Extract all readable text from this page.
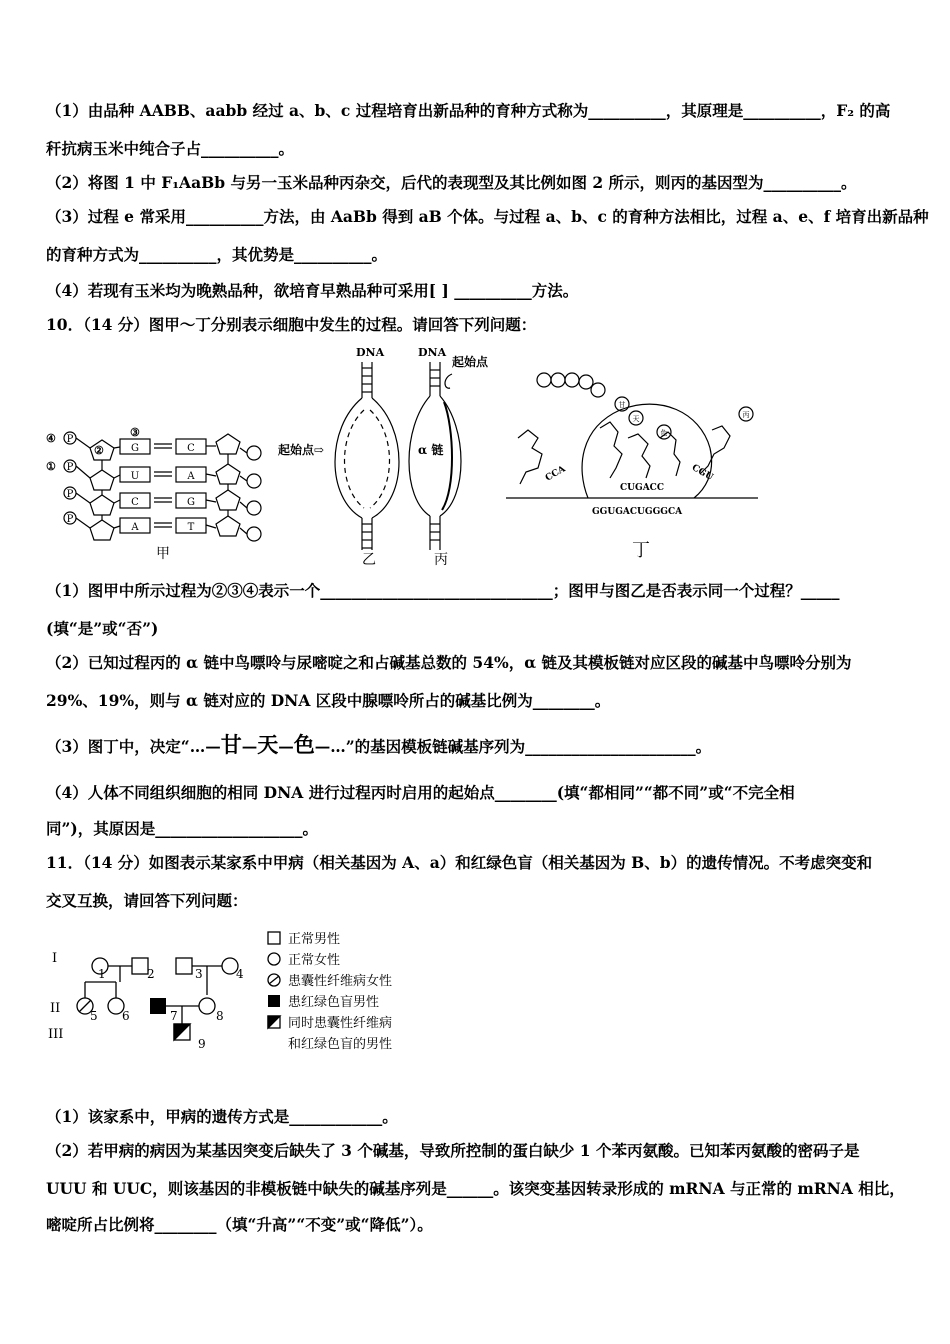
（1）由品种 AABB、aabb 经过 a、b、c 过程培育出新品种的育种方式称为__________，其原理是__________，F₂ 的高
秆抗病玉米中纯合子占__________。
（2）将图 1 中 F₁AaBb 与另一玉米品种丙杂交，后代的表现型及其比例如图 2 所示，则丙的基因型为__________。
（3）过程 e 常采用__________方法，由 AaBb 得到 aB 个体。与过程 a、b、c 的育种方法相比，过程 a、e、f 培育出新品种
的育种方式为__________，其优势是__________。
（4）若现有玉米均为晚熟品种，欲培育早熟品种可采用[ ] __________方法。
10．（14 分）图甲～丁分别表示细胞中发生的过程。请回答下列问题：
④
①
③
②
P
P
P
P
G
U
C
A
C
A
G
T
甲
DNA
起始点⇨
乙
DNA
起始点
α 链
丙
甘
天
色
丙
CCA	CGU
CUGACC
GGUGACUGGGCA
丁
（1）图甲中所示过程为②③④表示一个______________________________；图甲与图乙是否表示同一个过程？_____
(填“是”或“否”)
（2）已知过程丙的 α 链中鸟嘌呤与尿嘧啶之和占碱基总数的 54%，α 链及其模板链对应区段的碱基中鸟嘌呤分别为
29%、19%，则与 α 链对应的 DNA 区段中腺嘌呤所占的碱基比例为________。
（3）图丁中，决定“…—甘—天—色—…”的基因模板链碱基序列为______________________。
（4）人体不同组织细胞的相同 DNA 进行过程丙时启用的起始点________(填“都相同”“都不同”或“不完全相
同”)，其原因是___________________。
11．（14 分）如图表示某家系中甲病（相关基因为 A、a）和红绿色盲（相关基因为 B、b）的遗传情况。不考虑突变和
交叉互换，请回答下列问题：
I
II
III
1	2	3	4
5 6	7	8
9
正常男性
正常女性
患囊性纤维病女性
患红绿色盲男性
同时患囊性纤维病
和红绿色盲的男性
（1）该家系中，甲病的遗传方式是____________。
（2）若甲病的病因为某基因突变后缺失了 3 个碱基，导致所控制的蛋白缺少 1 个苯丙氨酸。已知苯丙氨酸的密码子是
UUU 和 UUC，则该基因的非模板链中缺失的碱基序列是______。该突变基因转录形成的 mRNA 与正常的 mRNA 相比，
嘧啶所占比例将________（填“升高”“不变”或“降低”）。
